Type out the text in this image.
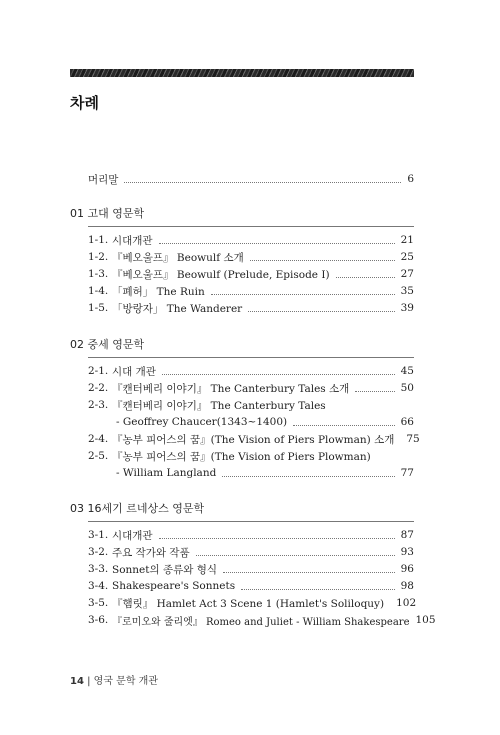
차례
머리말	6
01 고대 영문학
1-1. 시대개관	21
1-2. 『베오울프』 Beowulf 소개	25
1-3. 『베오울프』 Beowulf (Prelude, Episode I)	27
1-4. 「폐허」 The Ruin	35
1-5. 「방랑자」 The Wanderer	39
02 중세 영문학
2-1. 시대 개관	45
2-2. 『캔터베리 이야기』 The Canterbury Tales 소개	50
2-3. 『캔터베리 이야기』 The Canterbury Tales
- Geoffrey Chaucer(1343~1400)	66
2-4. 『농부 피어스의 꿈』(The Vision of Piers Plowman) 소개 75
2-5. 『농부 피어스의 꿈』(The Vision of Piers Plowman)
- William Langland	77
03 16세기 르네상스 영문학
3-1. 시대개관	87
3-2. 주요 작가와 작품	93
3-3. Sonnet의 종류와 형식	96
3-4. Shakespeare's Sonnets	98
3-5. 『햄릿』 Hamlet Act 3 Scene 1 (Hamlet's Soliloquy) 102
3-6. 『로미오와 줄리엣』 Romeo and Juliet - William Shakespeare 105
14 | 영국 문학 개관
